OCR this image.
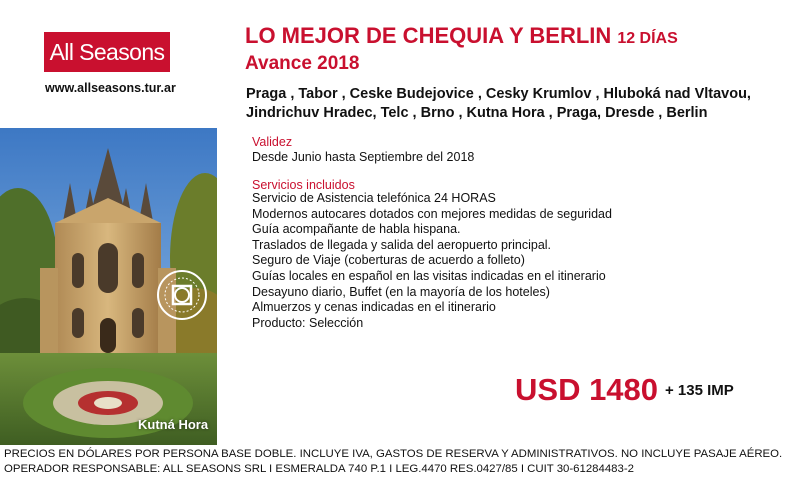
All Seasons
www.allseasons.tur.ar
Kutná Hora
LO MEJOR DE CHEQUIA Y BERLIN 12 DÍAS
Avance 2018
Praga , Tabor , Ceske Budejovice , Cesky Krumlov , Hluboká nad Vltavou,
Jindrichuv Hradec, Telc , Brno , Kutna Hora , Praga, Dresde , Berlin
Validez
Desde Junio hasta Septiembre del 2018
Servicios incluidos
Servicio de Asistencia telefónica 24 HORAS
Modernos autocares dotados con mejores medidas de seguridad
Guía acompañante de habla hispana.
Traslados de llegada y salida del aeropuerto principal.
Seguro de Viaje (coberturas de acuerdo a folleto)
Guías locales en español en las visitas indicadas en el itinerario
Desayuno diario, Buffet (en la mayoría de los hoteles)
Almuerzos y cenas indicadas en el itinerario
Producto: Selección
USD 1480 + 135 IMP
PRECIOS EN DÓLARES POR PERSONA BASE DOBLE. INCLUYE IVA, GASTOS DE RESERVA Y ADMINISTRATIVOS. NO INCLUYE PASAJE AÉREO.
OPERADOR RESPONSABLE: ALL SEASONS SRL I ESMERALDA 740 P.1 I LEG.4470 RES.0427/85 I CUIT 30-61284483-2
